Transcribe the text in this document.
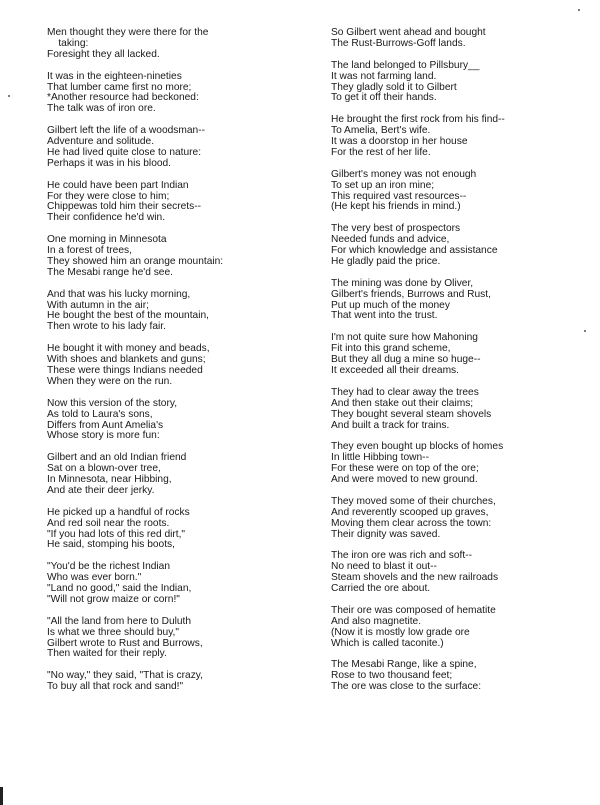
Men thought they were there for the
taking:
Foresight they all lacked.
It was in the eighteen-nineties
That lumber came first no more;
*Another resource had beckoned:
The talk was of iron ore.
Gilbert left the life of a woodsman--
Adventure and solitude.
He had lived quite close to nature:
Perhaps it was in his blood.
He could have been part Indian
For they were close to him;
Chippewas told him their secrets--
Their confidence he'd win.
One morning in Minnesota
In a forest of trees,
They showed him an orange mountain:
The Mesabi range he'd see.
And that was his lucky morning,
With autumn in the air;
He bought the best of the mountain,
Then wrote to his lady fair.
He bought it with money and beads,
With shoes and blankets and guns;
These were things Indians needed
When they were on the run.
Now this version of the story,
As told to Laura's sons,
Differs from Aunt Amelia's
Whose story is more fun:
Gilbert and an old Indian friend
Sat on a blown-over tree,
In Minnesota, near Hibbing,
And ate their deer jerky.
He picked up a handful of rocks
And red soil near the roots.
"If you had lots of this red dirt,"
He said, stomping his boots,
"You'd be the richest Indian
Who was ever born."
"Land no good," said the Indian,
"Will not grow maize or corn!"
"All the land from here to Duluth
Is what we three should buy,"
Gilbert wrote to Rust and Burrows,
Then waited for their reply.
"No way," they said, "That is crazy,
To buy all that rock and sand!"
So Gilbert went ahead and bought
The Rust-Burrows-Goff lands.
The land belonged to Pillsbury__
It was not farming land.
They gladly sold it to Gilbert
To get it off their hands.
He brought the first rock from his find--
To Amelia, Bert's wife.
It was a doorstop in her house
For the rest of her life.
Gilbert's money was not enough
To set up an iron mine;
This required vast resources--
(He kept his friends in mind.)
The very best of prospectors
Needed funds and advice,
For which knowledge and assistance
He gladly paid the price.
The mining was done by Oliver,
Gilbert's friends, Burrows and Rust,
Put up much of the money
That went into the trust.
I'm not quite sure how Mahoning
Fit into this grand scheme,
But they all dug a mine so huge--
It exceeded all their dreams.
They had to clear away the trees
And then stake out their claims;
They bought several steam shovels
And built a track for trains.
They even bought up blocks of homes
In little Hibbing town--
For these were on top of the ore;
And were moved to new ground.
They moved some of their churches,
And reverently scooped up graves,
Moving them clear across the town:
Their dignity was saved.
The iron ore was rich and soft--
No need to blast it out--
Steam shovels and the new railroads
Carried the ore about.
Their ore was composed of hematite
And also magnetite.
(Now it is mostly low grade ore
Which is called taconite.)
The Mesabi Range, like a spine,
Rose to two thousand feet;
The ore was close to the surface:
